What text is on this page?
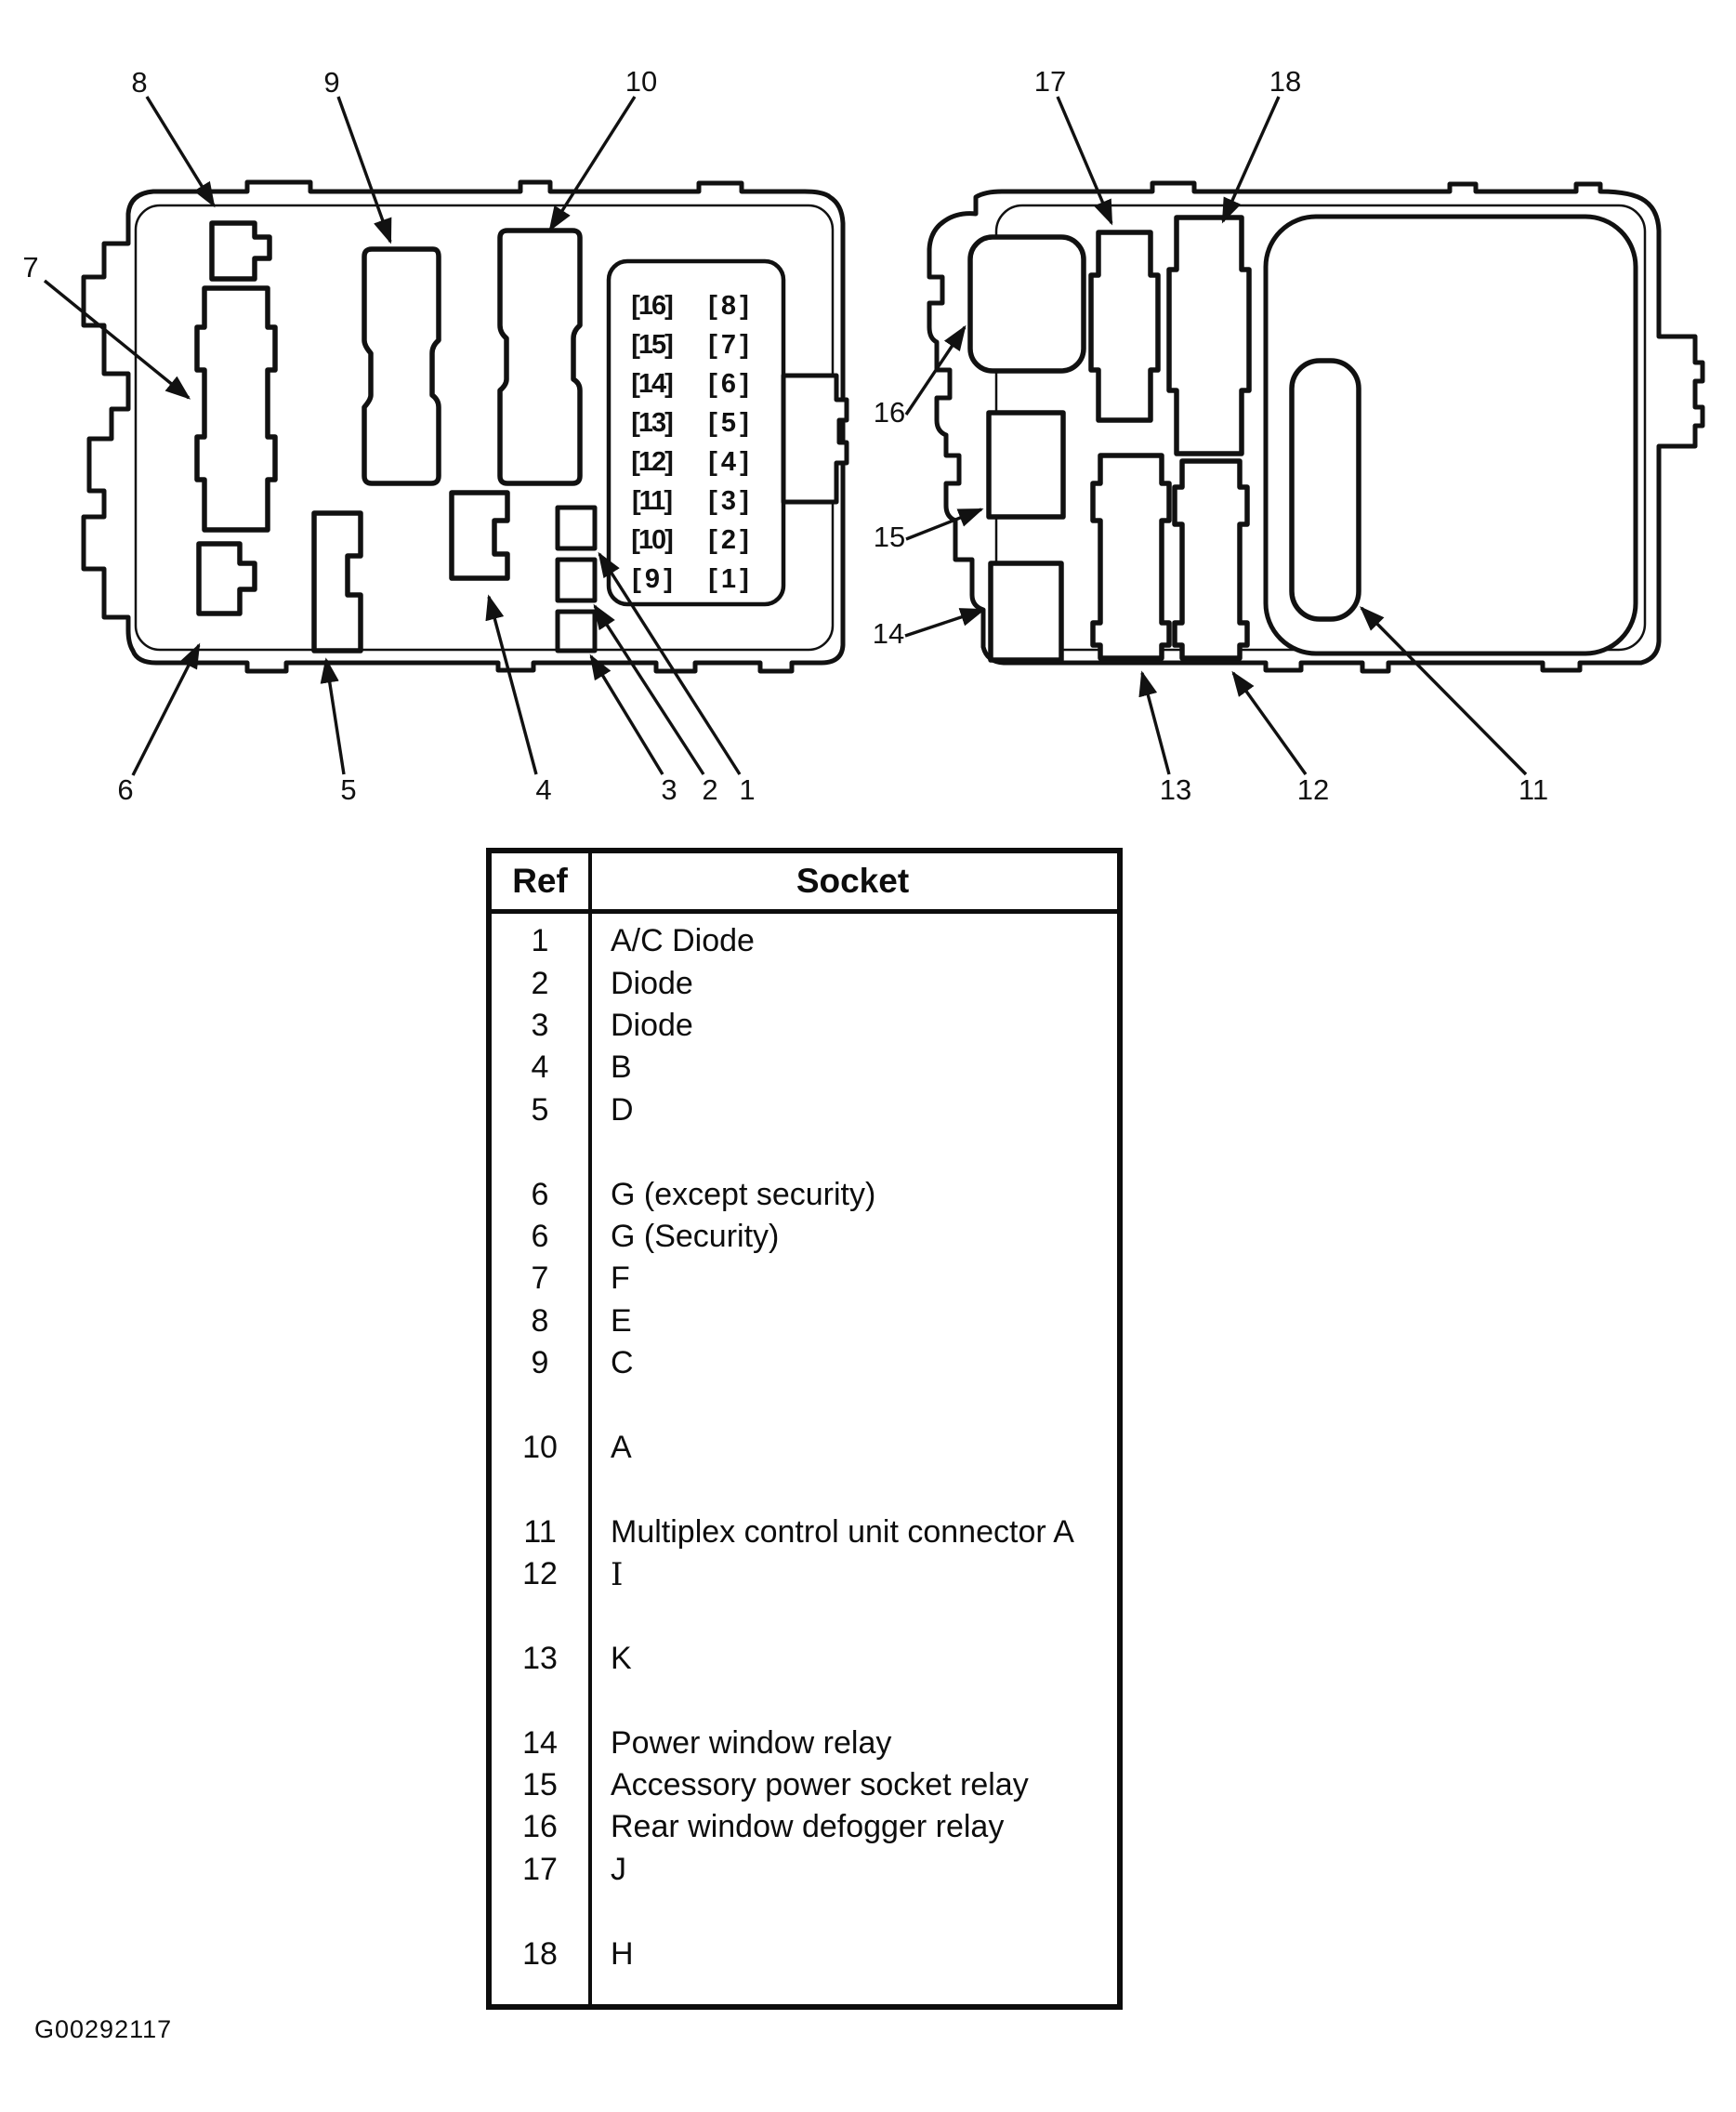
[16]
[15]
[14]
[13]
[12]
[11]
[10]
[ 9 ]
[ 8 ]
[ 7 ]
[ 6 ]
[ 5 ]
[ 4 ]
[ 3 ]
[ 2 ]
[ 1 ]
1
2
3
4
5
6
7
8	9	10
11
12
13
14
15
16
17	18
Ref	Socket
1	A/C Diode
2	Diode
3	Diode
4	B
5	D
6	G (except security)
6	G (Security)
7	F
8	E
9	C
10	A
11	Multiplex control unit connector A
12	I
13	K
14	Power window relay
15	Accessory power socket relay
16	Rear window defogger relay
17	J
18	H
G00292117
